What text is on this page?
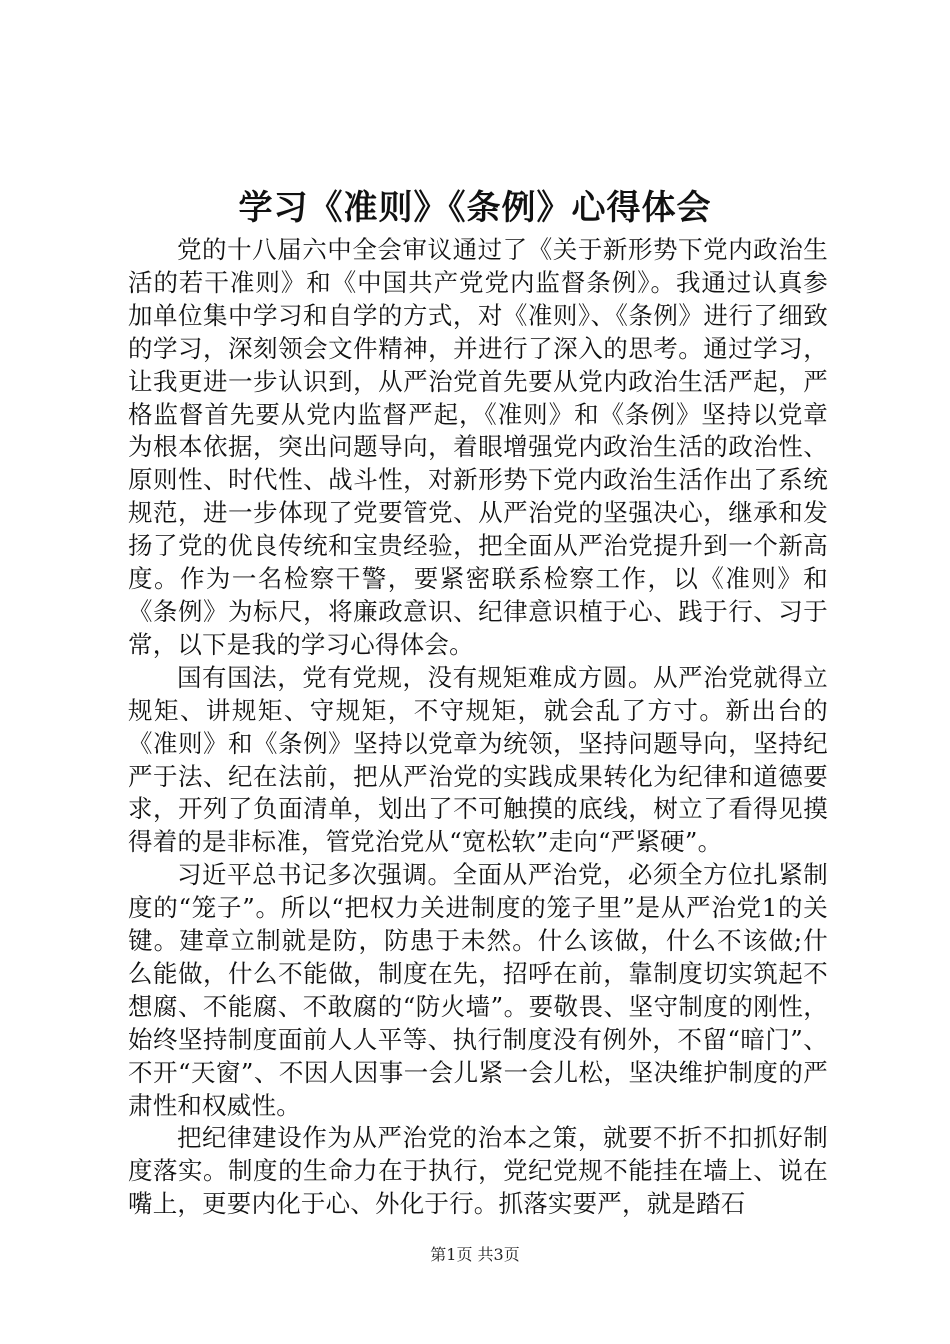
学习《准则》《条例》心得体会

党的十八届六中全会审议通过了《关于新形势下党内政治生活的若干准则》和《中国共产党党内监督条例》。我通过认真参加单位集中学习和自学的方式，对《准则》、《条例》进行了细致的学习，深刻领会文件精神，并进行了深入的思考。通过学习，让我更进一步认识到，从严治党首先要从党内政治生活严起，严格监督首先要从党内监督严起，《准则》和《条例》坚持以党章为根本依据，突出问题导向，着眼增强党内政治生活的政治性、原则性、时代性、战斗性，对新形势下党内政治生活作出了系统规范，进一步体现了党要管党、从严治党的坚强决心，继承和发扬了党的优良传统和宝贵经验，把全面从严治党提升到一个新高度。作为一名检察干警，要紧密联系检察工作，以《准则》和《条例》为标尺，将廉政意识、纪律意识植于心、践于行、习于常，以下是我的学习心得体会。

国有国法，党有党规，没有规矩难成方圆。从严治党就得立规矩、讲规矩、守规矩，不守规矩，就会乱了方寸。新出台的《准则》和《条例》坚持以党章为统领，坚持问题导向，坚持纪严于法、纪在法前，把从严治党的实践成果转化为纪律和道德要求，开列了负面清单，划出了不可触摸的底线，树立了看得见摸得着的是非标准，管党治党从“宽松软”走向“严紧硬”。

习近平总书记多次强调。全面从严治党，必须全方位扎紧制度的“笼子”。所以“把权力关进制度的笼子里”是从严治党1的关键。建章立制就是防，防患于未然。什么该做，什么不该做;什么能做，什么不能做，制度在先，招呼在前，靠制度切实筑起不想腐、不能腐、不敢腐的“防火墙”。要敬畏、坚守制度的刚性，始终坚持制度面前人人平等、执行制度没有例外，不留“暗门”、不开“天窗”、不因人因事一会儿紧一会儿松，坚决维护制度的严肃性和权威性。

把纪律建设作为从严治党的治本之策，就要不折不扣抓好制度落实。制度的生命力在于执行，党纪党规不能挂在墙上、说在嘴上，更要内化于心、外化于行。抓落实要严，就是踏石

第1页 共3页
